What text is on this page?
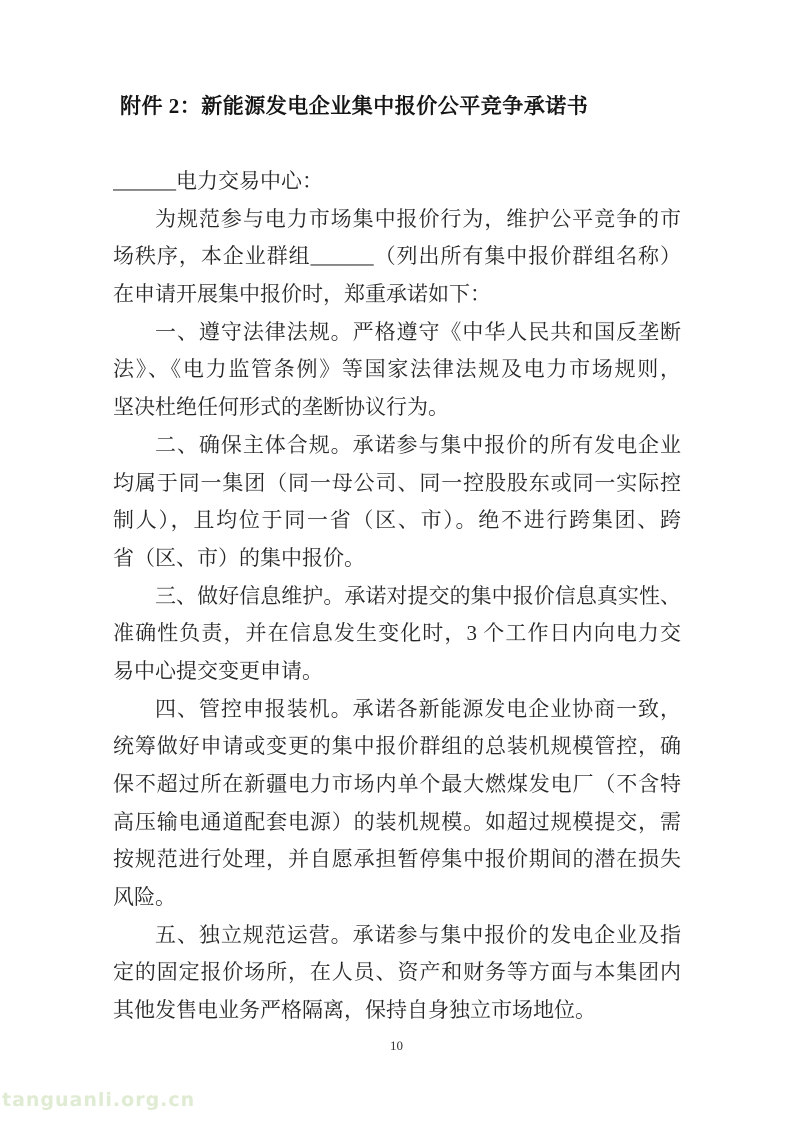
附件 2：新能源发电企业集中报价公平竞争承诺书
______电力交易中心：
为规范参与电力市场集中报价行为，维护公平竞争的市
场秩序，本企业群组______（列出所有集中报价群组名称）
在申请开展集中报价时，郑重承诺如下：
一、遵守法律法规。严格遵守《中华人民共和国反垄断
法》、《电力监管条例》等国家法律法规及电力市场规则，
坚决杜绝任何形式的垄断协议行为。
二、确保主体合规。承诺参与集中报价的所有发电企业
均属于同一集团（同一母公司、同一控股股东或同一实际控
制人），且均位于同一省（区、市）。绝不进行跨集团、跨
省（区、市）的集中报价。
三、做好信息维护。承诺对提交的集中报价信息真实性、
准确性负责，并在信息发生变化时，3 个工作日内向电力交
易中心提交变更申请。
四、管控申报装机。承诺各新能源发电企业协商一致，
统筹做好申请或变更的集中报价群组的总装机规模管控，确
保不超过所在新疆电力市场内单个最大燃煤发电厂（不含特
高压输电通道配套电源）的装机规模。如超过规模提交，需
按规范进行处理，并自愿承担暂停集中报价期间的潜在损失
风险。
五、独立规范运营。承诺参与集中报价的发电企业及指
定的固定报价场所，在人员、资产和财务等方面与本集团内
其他发售电业务严格隔离，保持自身独立市场地位。
10
tanguanli.org.cn
